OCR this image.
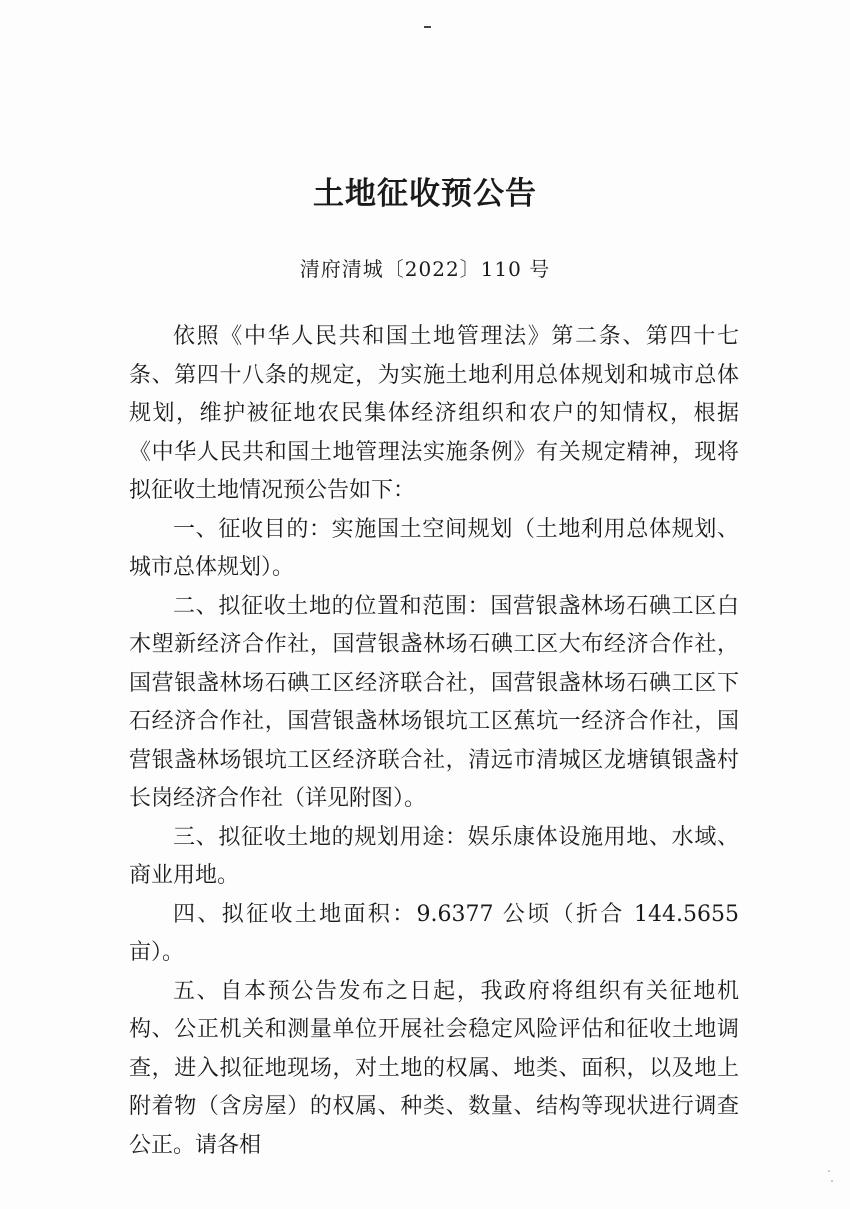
土地征收预公告
清府清城〔2022〕110 号

依照《中华人民共和国土地管理法》第二条、第四十七条、第四十八条的规定，为实施土地利用总体规划和城市总体规划，维护被征地农民集体经济组织和农户的知情权，根据《中华人民共和国土地管理法实施条例》有关规定精神，现将拟征收土地情况预公告如下：

一、征收目的：实施国土空间规划（土地利用总体规划、城市总体规划）。

二、拟征收土地的位置和范围：国营银盏林场石碘工区白木塱新经济合作社，国营银盏林场石碘工区大布经济合作社，国营银盏林场石碘工区经济联合社，国营银盏林场石碘工区下石经济合作社，国营银盏林场银坑工区蕉坑一经济合作社，国营银盏林场银坑工区经济联合社，清远市清城区龙塘镇银盏村长岗经济合作社（详见附图）。

三、拟征收土地的规划用途：娱乐康体设施用地、水域、商业用地。

四、拟征收土地面积：9.6377 公顷（折合 144.5655 亩）。

五、自本预公告发布之日起，我政府将组织有关征地机构、公正机关和测量单位开展社会稳定风险评估和征收土地调查，进入拟征地现场，对土地的权属、地类、面积，以及地上附着物（含房屋）的权属、种类、数量、结构等现状进行调查公正。请各相
